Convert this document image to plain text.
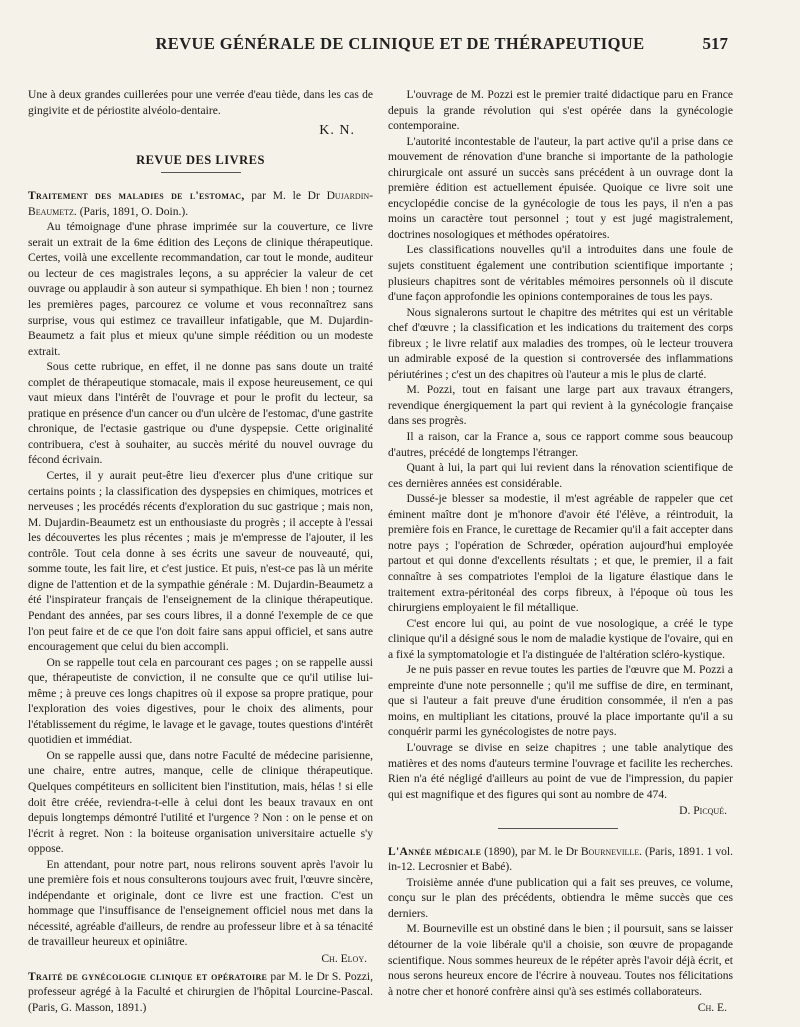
REVUE GÉNÉRALE DE CLINIQUE ET DE THÉRAPEUTIQUE	517

Une à deux grandes cuillerées pour une verrée d'eau tiède, dans les cas de gingivite et de périostite alvéolo-dentaire.

K. N.
REVUE DES LIVRES

Traitement des maladies de l'estomac, par M. le Dr Dujardin-Beaumetz. (Paris, 1891, O. Doin.).

Au témoignage d'une phrase imprimée sur la couverture, ce livre serait un extrait de la 6me édition des Leçons de clinique thérapeutique. Certes, voilà une excellente recommandation, car tout le monde, auditeur ou lecteur de ces magistrales leçons, a su apprécier la valeur de cet ouvrage ou applaudir à son auteur si sympathique. Eh bien ! non ; tournez les premières pages, parcourez ce volume et vous reconnaîtrez sans surprise, vous qui estimez ce travailleur infatigable, que M. Dujardin-Beaumetz a fait plus et mieux qu'une simple réédition ou un modeste extrait.

Sous cette rubrique, en effet, il ne donne pas sans doute un traité complet de thérapeutique stomacale, mais il expose heureusement, ce qui vaut mieux dans l'intérêt de l'ouvrage et pour le profit du lecteur, sa pratique en présence d'un cancer ou d'un ulcère de l'estomac, d'une gastrite chronique, de l'ectasie gastrique ou d'une dyspepsie. Cette originalité contribuera, c'est à souhaiter, au succès mérité du nouvel ouvrage du fécond écrivain.

Certes, il y aurait peut-être lieu d'exercer plus d'une critique sur certains points ; la classification des dyspepsies en chimiques, motrices et nerveuses ; les procédés récents d'exploration du suc gastrique ; mais non, M. Dujardin-Beaumetz est un enthousiaste du progrès ; il accepte à l'essai les découvertes les plus récentes ; mais je m'empresse de l'ajouter, il les contrôle. Tout cela donne à ses écrits une saveur de nouveauté, qui, somme toute, les fait lire, et c'est justice. Et puis, n'est-ce pas là un mérite digne de l'attention et de la sympathie générale : M. Dujardin-Beaumetz a été l'inspirateur français de l'enseignement de la clinique thérapeutique. Pendant des années, par ses cours libres, il a donné l'exemple de ce que l'on peut faire et de ce que l'on doit faire sans appui officiel, et sans autre encouragement que celui du bien accompli.

On se rappelle tout cela en parcourant ces pages ; on se rappelle aussi que, thérapeutiste de conviction, il ne consulte que ce qu'il utilise lui-même ; à preuve ces longs chapitres où il expose sa propre pratique, pour l'exploration des voies digestives, pour le choix des aliments, pour l'établissement du régime, le lavage et le gavage, toutes questions d'intérêt quotidien et immédiat.

On se rappelle aussi que, dans notre Faculté de médecine parisienne, une chaire, entre autres, manque, celle de clinique thérapeutique. Quelques compétiteurs en sollicitent bien l'institution, mais, hélas ! si elle doit être créée, reviendra-t-elle à celui dont les beaux travaux en ont depuis longtemps démontré l'utilité et l'urgence ? Non : on le pense et on l'écrit à regret. Non : la boiteuse organisation universitaire actuelle s'y oppose.

En attendant, pour notre part, nous relirons souvent après l'avoir lu une première fois et nous consulterons toujours avec fruit, l'œuvre sincère, indépendante et originale, dont ce livre est une fraction. C'est un hommage que l'insuffisance de l'enseignement officiel nous met dans la nécessité, agréable d'ailleurs, de rendre au professeur libre et à sa ténacité de travailleur heureux et opiniâtre.

Ch. Eloy.

Traité de gynécologie clinique et opératoire par M. le Dr S. Pozzi, professeur agrégé à la Faculté et chirurgien de l'hôpital Lourcine-Pascal. (Paris, G. Masson, 1891.)

L'ouvrage de M. Pozzi est le premier traité didactique paru en France depuis la grande révolution qui s'est opérée dans la gynécologie contemporaine.

L'autorité incontestable de l'auteur, la part active qu'il a prise dans ce mouvement de rénovation d'une branche si importante de la pathologie chirurgicale ont assuré un succès sans précédent à un ouvrage dont la première édition est actuellement épuisée. Quoique ce livre soit une encyclopédie concise de la gynécologie de tous les pays, il n'en a pas moins un caractère tout personnel ; tout y est jugé magistralement, doctrines nosologiques et méthodes opératoires.

Les classifications nouvelles qu'il a introduites dans une foule de sujets constituent également une contribution scientifique importante ; plusieurs chapitres sont de véritables mémoires personnels où il discute d'une façon approfondie les opinions contemporaines de tous les pays.

Nous signalerons surtout le chapitre des métrites qui est un véritable chef d'œuvre ; la classification et les indications du traitement des corps fibreux ; le livre relatif aux maladies des trompes, où le lecteur trouvera un admirable exposé de la question si controversée des inflammations périutérines ; c'est un des chapitres où l'auteur a mis le plus de clarté.

M. Pozzi, tout en faisant une large part aux travaux étrangers, revendique énergiquement la part qui revient à la gynécologie française dans ses progrès.

Il a raison, car la France a, sous ce rapport comme sous beaucoup d'autres, précédé de longtemps l'étranger.

Quant à lui, la part qui lui revient dans la rénovation scientifique de ces dernières années est considérable.

Dussé-je blesser sa modestie, il m'est agréable de rappeler que cet éminent maître dont je m'honore d'avoir été l'élève, a réintroduit, la première fois en France, le curettage de Recamier qu'il a fait accepter dans notre pays ; l'opération de Schrœder, opération aujourd'hui employée partout et qui donne d'excellents résultats ; et que, le premier, il a fait connaître à ses compatriotes l'emploi de la ligature élastique dans le traitement extra-péritonéal des corps fibreux, à l'époque où tous les chirurgiens employaient le fil métallique.

C'est encore lui qui, au point de vue nosologique, a créé le type clinique qu'il a désigné sous le nom de maladie kystique de l'ovaire, qui en a fixé la symptomatologie et l'a distinguée de l'altération scléro-kystique.

Je ne puis passer en revue toutes les parties de l'œuvre que M. Pozzi a empreinte d'une note personnelle ; qu'il me suffise de dire, en terminant, que si l'auteur a fait preuve d'une érudition consommée, il n'en a pas moins, en multipliant les citations, prouvé la place importante qu'il a su conquérir parmi les gynécologistes de notre pays.

L'ouvrage se divise en seize chapitres ; une table analytique des matières et des noms d'auteurs termine l'ouvrage et facilite les recherches. Rien n'a été négligé d'ailleurs au point de vue de l'impression, du papier qui est magnifique et des figures qui sont au nombre de 474.

D. Picqué.

L'Année médicale (1890), par M. le Dr Bourneville. (Paris, 1891. 1 vol. in-12. Lecrosnier et Babé).

Troisième année d'une publication qui a fait ses preuves, ce volume, conçu sur le plan des précédents, obtiendra le même succès que ces derniers.

M. Bourneville est un obstiné dans le bien ; il poursuit, sans se laisser détourner de la voie libérale qu'il a choisie, son œuvre de propagande scientifique. Nous sommes heureux de le répéter après l'avoir déjà écrit, et nous serons heureux encore de l'écrire à nouveau. Toutes nos félicitations à notre cher et honoré confrère ainsi qu'à ses estimés collaborateurs.

Ch. E.
